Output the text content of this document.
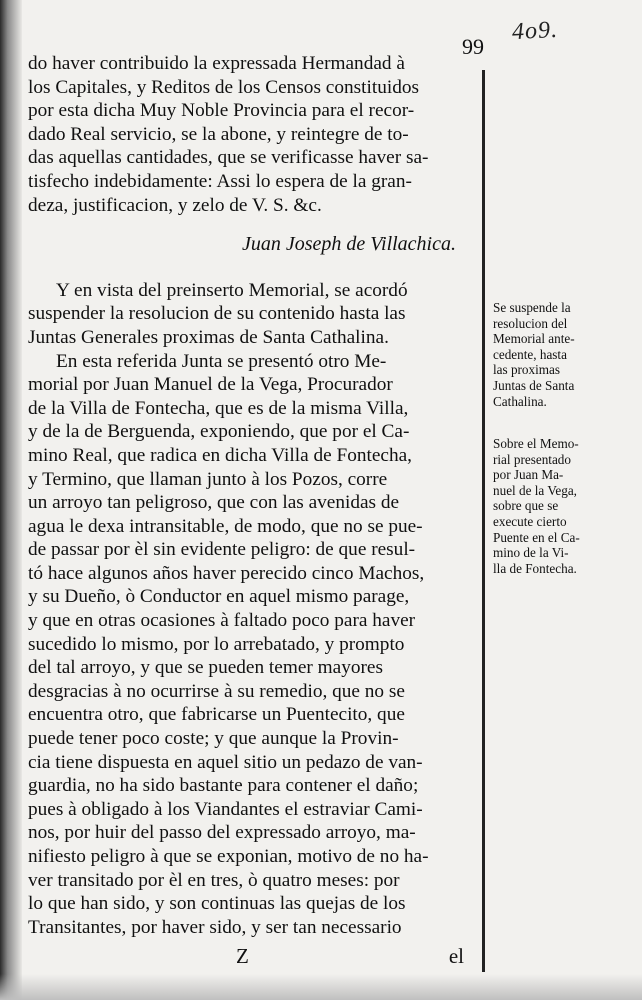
99
4o9.

do haver contribuido la expressada Hermandad à

los Capitales, y Reditos de los Censos constituidos

por esta dicha Muy Noble Provincia para el recor-

dado Real servicio, se la abone, y reintegre de to-

das aquellas cantidades, que se verificasse haver sa-

tisfecho indebidamente: Assi lo espera de la gran-

deza, justificacion, y zelo de V. S. &c.

Juan Joseph de Villachica.

Y en vista del preinserto Memorial, se acordó

suspender la resolucion de su contenido hasta las

Juntas Generales proximas de Santa Cathalina.

En esta referida Junta se presentó otro Me-

morial por Juan Manuel de la Vega, Procurador

de la Villa de Fontecha, que es de la misma Villa,

y de la de Berguenda, exponiendo, que por el Ca-

mino Real, que radica en dicha Villa de Fontecha,

y Termino, que llaman junto à los Pozos, corre

un arroyo tan peligroso, que con las avenidas de

agua le dexa intransitable, de modo, que no se pue-

de passar por èl sin evidente peligro: de que resul-

tó hace algunos años haver perecido cinco Machos,

y su Dueño, ò Conductor en aquel mismo parage,

y que en otras ocasiones à faltado poco para haver

sucedido lo mismo, por lo arrebatado, y prompto

del tal arroyo, y que se pueden temer mayores

desgracias à no ocurrirse à su remedio, que no se

encuentra otro, que fabricarse un Puentecito, que

puede tener poco coste; y que aunque la Provin-

cia tiene dispuesta en aquel sitio un pedazo de van-

guardia, no ha sido bastante para contener el daño;

pues à obligado à los Viandantes el estraviar Cami-

nos, por huir del passo del expressado arroyo, ma-

nifiesto peligro à que se exponian, motivo de no ha-

ver transitado por èl en tres, ò quatro meses: por

lo que han sido, y son continuas las quejas de los

Transitantes, por haver sido, y ser tan necessario

Z	el
Se suspende la
resolucion del
Memorial ante-
cedente, hasta
las proximas
Juntas de Santa
Cathalina.
Sobre el Memo-
rial presentado
por Juan Ma-
nuel de la Vega,
sobre que se
execute cierto
Puente en el Ca-
mino de la Vi-
lla de Fontecha.
